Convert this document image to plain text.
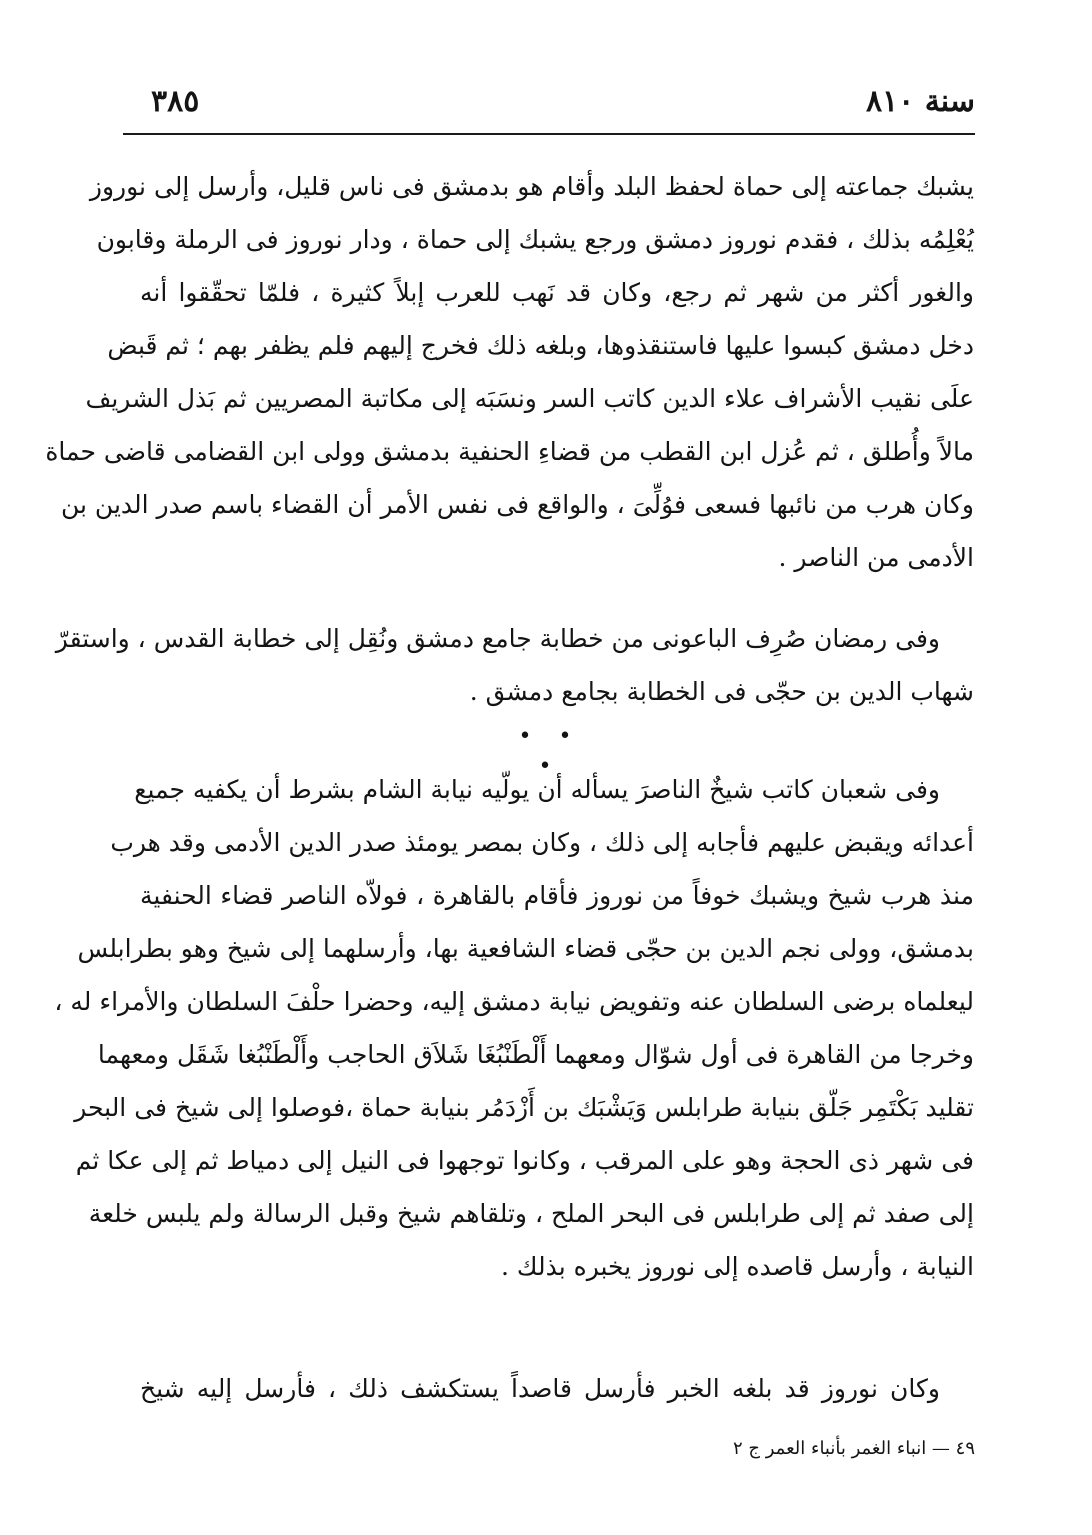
سنة ٨١٠
٣٨٥
يشبك جماعته إلى حماة لحفظ البلد وأقام هو بدمشق فى ناس قليل، وأرسل إلى نوروز
يُعْلِمُه بذلك ، فقدم نوروز دمشق ورجع يشبك إلى حماة ، ودار نوروز فى الرملة وقابون
والغور أكثر من شهر ثم رجع، وكان قد نَهب للعرب إبلاً كثيرة ، فلمّا تحقّقوا أنه
دخل دمشق كبسوا عليها فاستنقذوها، وبلغه ذلك فخرج إليهم فلم يظفر بهم ؛ ثم قَبض
علَى نقيب الأشراف علاء الدين كاتب السر ونسَبَه إلى مكاتبة المصريين ثم بَذل الشريف
مالاً وأُطلق ، ثم عُزل ابن القطب من قضاءِ الحنفية بدمشق وولى ابن القضامى قاضى حماة
وكان هرب من نائبها فسعى فوُلِّىَ ، والواقع فى نفس الأمر أن القضاء باسم صدر الدين بن
الأدمى من الناصر .
وفى رمضان صُرِف الباعونى من خطابة جامع دمشق ونُقِل إلى خطابة القدس ، واستقرّ
شهاب الدين بن حجّى فى الخطابة بجامع دمشق .
• • •
وفى شعبان كاتب شيخٌ الناصرَ يسأله أن يولّيه نيابة الشام بشرط أن يكفيه جميع
أعدائه ويقبض عليهم فأجابه إلى ذلك ، وكان بمصر يومئذ صدر الدين الأدمى وقد هرب
منذ هرب شيخ ويشبك خوفاً من نوروز فأقام بالقاهرة ، فولاّه الناصر قضاء الحنفية
بدمشق، وولى نجم الدين بن حجّى قضاء الشافعية بها، وأرسلهما إلى شيخ وهو بطرابلس
ليعلماه برضى السلطان عنه وتفويض نيابة دمشق إليه، وحضرا حلْفَ السلطان والأمراء له ،
وخرجا من القاهرة فى أول شوّال ومعهما أَلْطَنْبُغَا شَلاَق الحاجب وأَلْطَنْبُغا شَقَل ومعهما
تقليد بَكْتَمِر جَلّق بنيابة طرابلس وَيَشْبَك بن أَزْدَمُر بنيابة حماة ،فوصلوا إلى شيخ فى البحر
فى شهر ذى الحجة وهو على المرقب ، وكانوا توجهوا فى النيل إلى دمياط ثم إلى عكا ثم
إلى صفد ثم إلى طرابلس فى البحر الملح ، وتلقاهم شيخ وقبل الرسالة ولم يلبس خلعة
النيابة ، وأرسل قاصده إلى نوروز يخبره بذلك .
وكان نوروز قد بلغه الخبر فأرسل قاصداً يستكشف ذلك ، فأرسل إليه شيخ
٤٩ — انباء الغمر بأنباء العمر ج ٢
